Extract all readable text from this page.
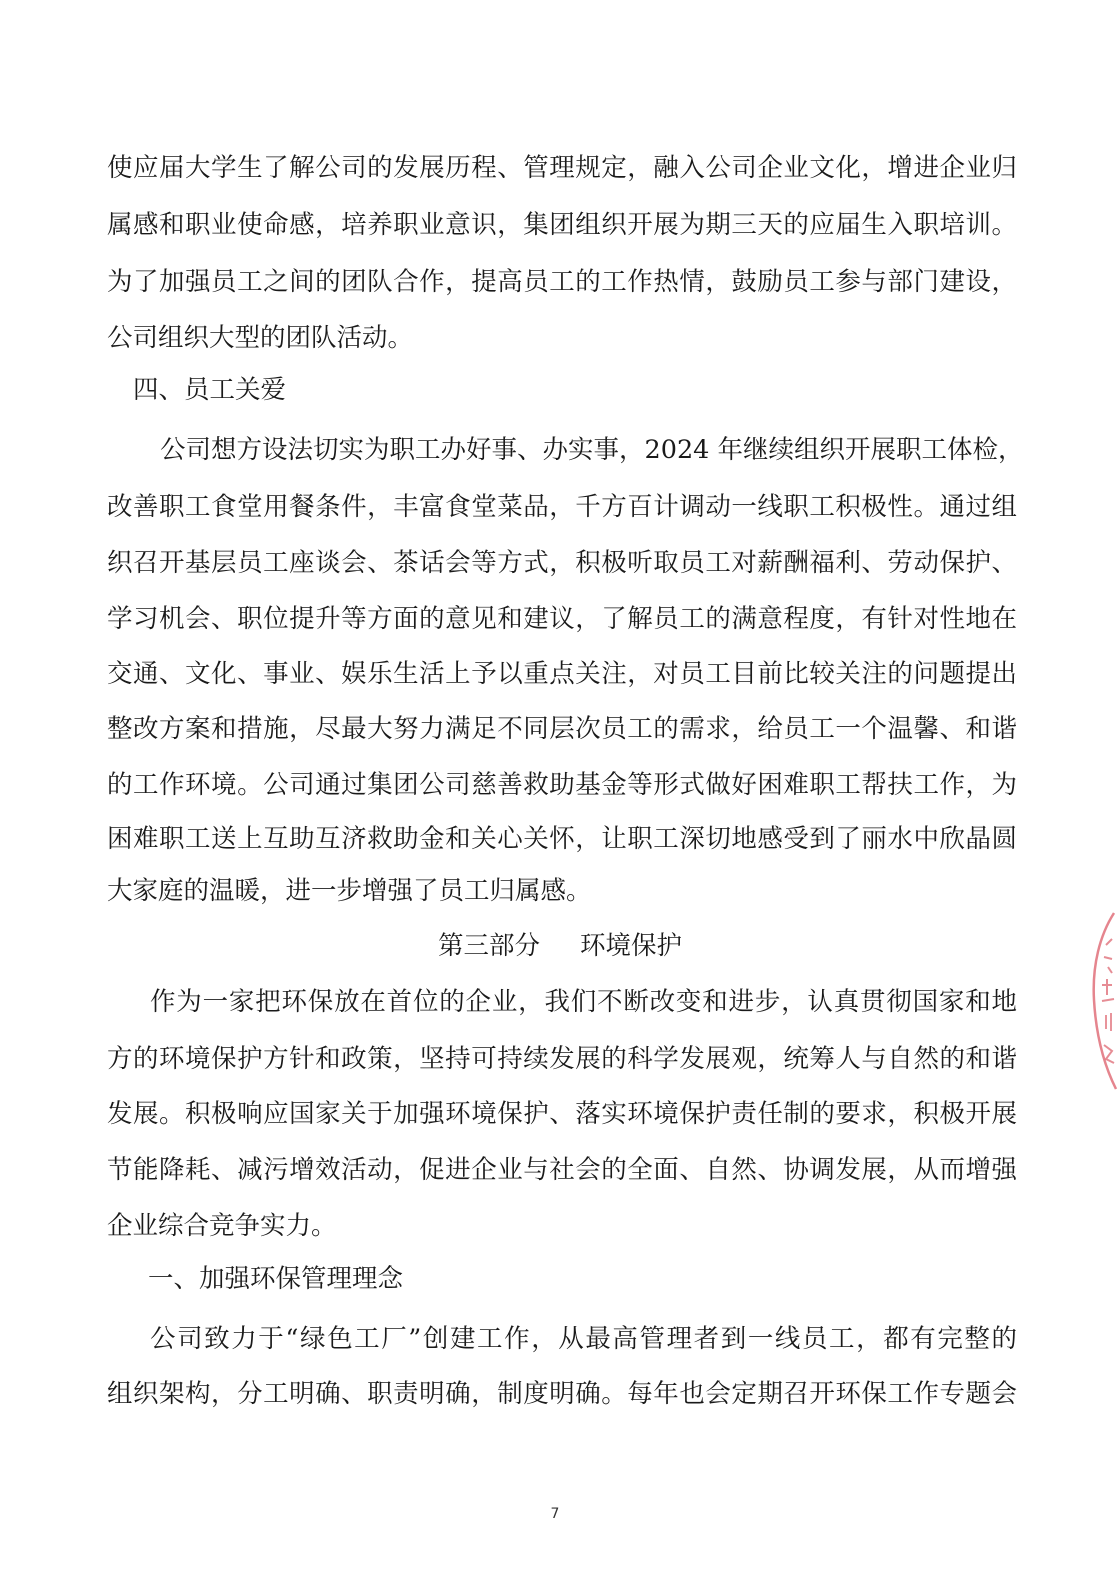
使应届大学生了解公司的发展历程、管理规定，融入公司企业文化，增进企业归
属感和职业使命感，培养职业意识，集团组织开展为期三天的应届生入职培训。
为了加强员工之间的团队合作，提高员工的工作热情，鼓励员工参与部门建设，
公司组织大型的团队活动。
四、员工关爱
公司想方设法切实为职工办好事、办实事，2024 年继续组织开展职工体检，
改善职工食堂用餐条件，丰富食堂菜品，千方百计调动一线职工积极性。通过组
织召开基层员工座谈会、茶话会等方式，积极听取员工对薪酬福利、劳动保护、
学习机会、职位提升等方面的意见和建议，了解员工的满意程度，有针对性地在
交通、文化、事业、娱乐生活上予以重点关注，对员工目前比较关注的问题提出
整改方案和措施，尽最大努力满足不同层次员工的需求，给员工一个温馨、和谐
的工作环境。公司通过集团公司慈善救助基金等形式做好困难职工帮扶工作，为
困难职工送上互助互济救助金和关心关怀，让职工深切地感受到了丽水中欣晶圆
大家庭的温暖，进一步增强了员工归属感。
第三部分 环境保护
作为一家把环保放在首位的企业，我们不断改变和进步，认真贯彻国家和地
方的环境保护方针和政策，坚持可持续发展的科学发展观，统筹人与自然的和谐
发展。积极响应国家关于加强环境保护、落实环境保护责任制的要求，积极开展
节能降耗、减污增效活动，促进企业与社会的全面、自然、协调发展，从而增强
企业综合竞争实力。
一、加强环保管理理念
公司致力于“绿色工厂”创建工作，从最高管理者到一线员工，都有完整的
组织架构，分工明确、职责明确，制度明确。每年也会定期召开环保工作专题会
7
